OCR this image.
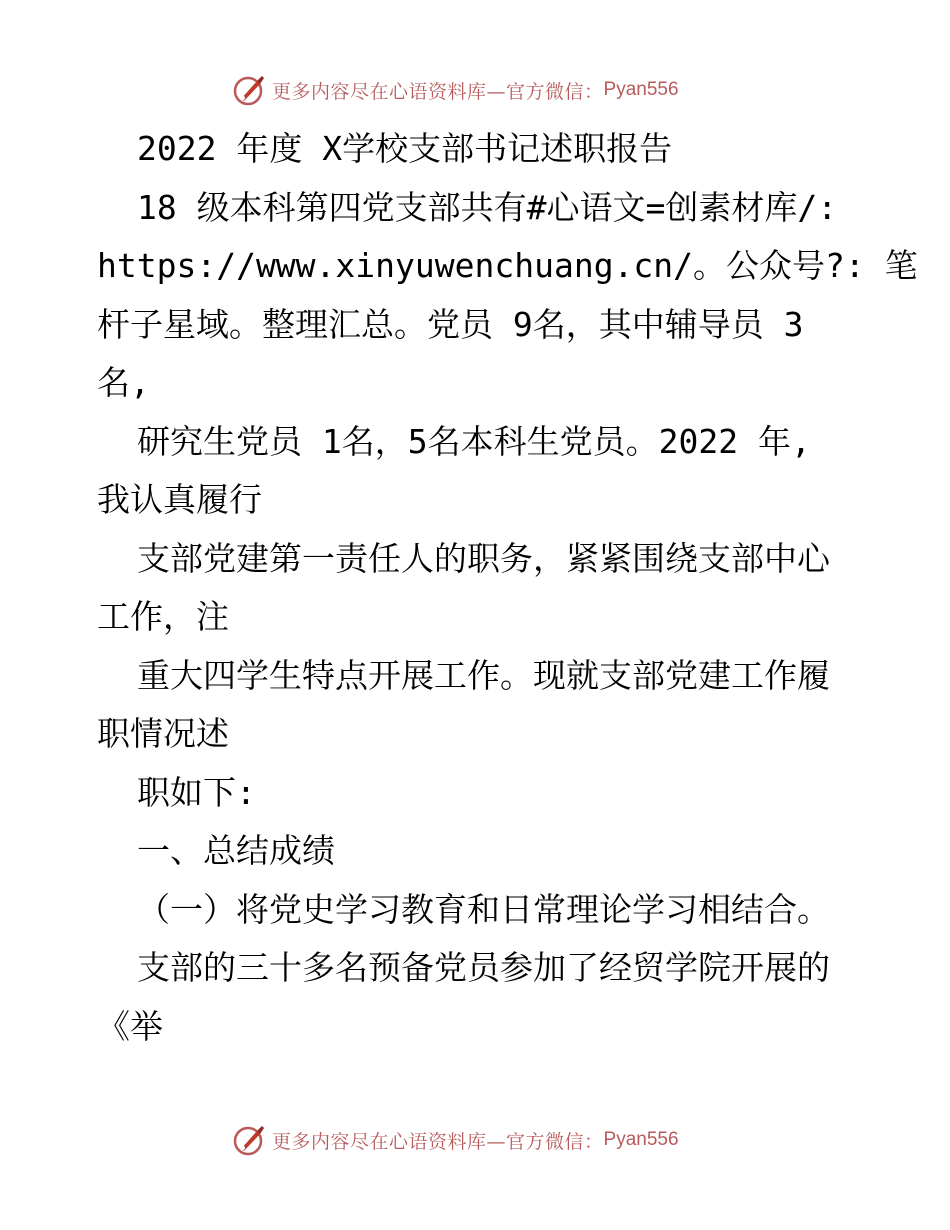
更多内容尽在心语资料库—官方微信： Pyan556
2022 年度 X学校支部书记述职报告
18 级本科第四党支部共有#心语文=创素材库/:
https://www.xinyuwenchuang.cn/。公众号?: 笔
杆子星域。整理汇总。党员 9名，其中辅导员 3
名,
研究生党员 1名，5名本科生党员。2022 年,
我认真履行
支部党建第一责任人的职务，紧紧围绕支部中心
工作，注
重大四学生特点开展工作。现就支部党建工作履
职情况述
职如下:
一、总结成绩
（一）将党史学习教育和日常理论学习相结合。
支部的三十多名预备党员参加了经贸学院开展的
《举
更多内容尽在心语资料库—官方微信： Pyan556
